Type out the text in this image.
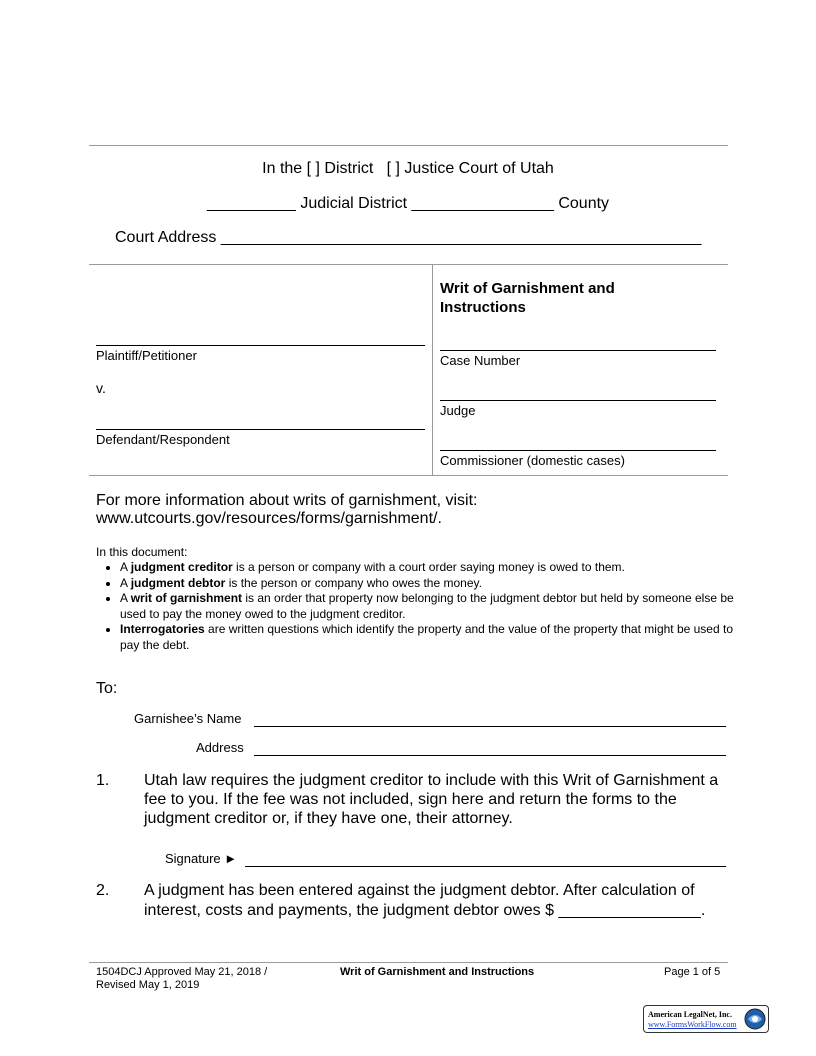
In the [ ] District   [ ] Justice Court of Utah
__________ Judicial District ________________ County
Court Address ______________________________________________________
Plaintiff/Petitioner
v.
Defendant/Respondent
Writ of Garnishment and
Instructions
Case Number
Judge
Commissioner (domestic cases)
For more information about writs of garnishment, visit:
www.utcourts.gov/resources/forms/garnishment/.
In this document:
• A judgment creditor is a person or company with a court order saying money is owed to them.
• A judgment debtor is the person or company who owes the money.
• A writ of garnishment is an order that property now belonging to the judgment debtor but held by someone else be used to pay the money owed to the judgment creditor.
• Interrogatories are written questions which identify the property and the value of the property that might be used to pay the debt.
To:
Garnishee’s Name
Address
1. Utah law requires the judgment creditor to include with this Writ of Garnishment a
fee to you. If the fee was not included, sign here and return the forms to the
judgment creditor or, if they have one, their attorney.
Signature ►
2. A judgment has been entered against the judgment debtor. After calculation of
interest, costs and payments, the judgment debtor owes $ ________________.
1504DCJ Approved May 21, 2018 /
Revised May 1, 2019
Writ of Garnishment and Instructions	Page 1 of 5
American LegalNet, Inc.
www.FormsWorkFlow.com
